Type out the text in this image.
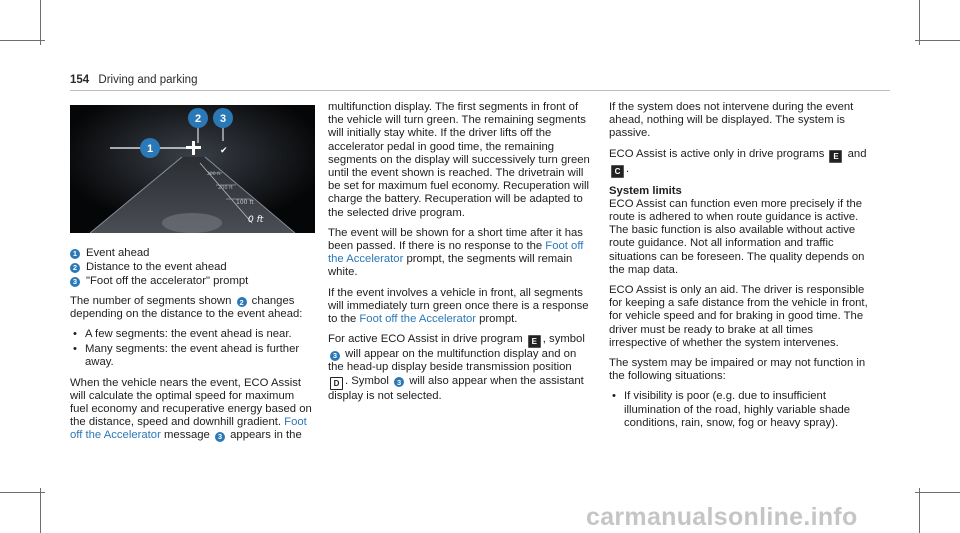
154 Driving and parking
✔
1
2 3
200 ft
200 ft
100 ft
0 ft
1 Event ahead
2 Distance to the event ahead
3 "Foot off the accelerator" prompt

The number of segments shown 2 changes depending on the distance to the event ahead:

• A few segments: the event ahead is near.
• Many segments: the event ahead is further away.

When the vehicle nears the event, ECO Assist will calculate the optimal speed for maximum fuel economy and recuperative energy based on the distance, speed and downhill gradient. Foot off the Accelerator message 3 appears in the

multifunction display. The first segments in front of the vehicle will turn green. The remaining segments will initially stay white. If the driver lifts off the accelerator pedal in good time, the remaining segments on the display will successively turn green until the event shown is reached. The drivetrain will be set for maximum fuel economy. Recuperation will charge the battery. Recuperation will be adapted to the selected drive program.

The event will be shown for a short time after it has been passed. If there is no response to the Foot off the Accelerator prompt, the segments will remain white.

If the event involves a vehicle in front, all segments will immediately turn green once there is a response to the Foot off the Accelerator prompt.

For active ECO Assist in drive program E , symbol 3 will appear on the multifunction display and on the head-up display beside transmission position D . Symbol 3 will also appear when the assistant display is not selected.

If the system does not intervene during the event ahead, nothing will be displayed. The system is passive.

ECO Assist is active only in drive programs E and C .

System limits

ECO Assist can function even more precisely if the route is adhered to when route guidance is active. The basic function is also available without active route guidance. Not all information and traffic situations can be foreseen. The quality depends on the map data.

ECO Assist is only an aid. The driver is responsible for keeping a safe distance from the vehicle in front, for vehicle speed and for braking in good time. The driver must be ready to brake at all times irrespective of whether the system intervenes.

The system may be impaired or may not function in the following situations:

• If visibility is poor (e.g. due to insufficient illumination of the road, highly variable shade conditions, rain, snow, fog or heavy spray).
carmanualsonline.info
